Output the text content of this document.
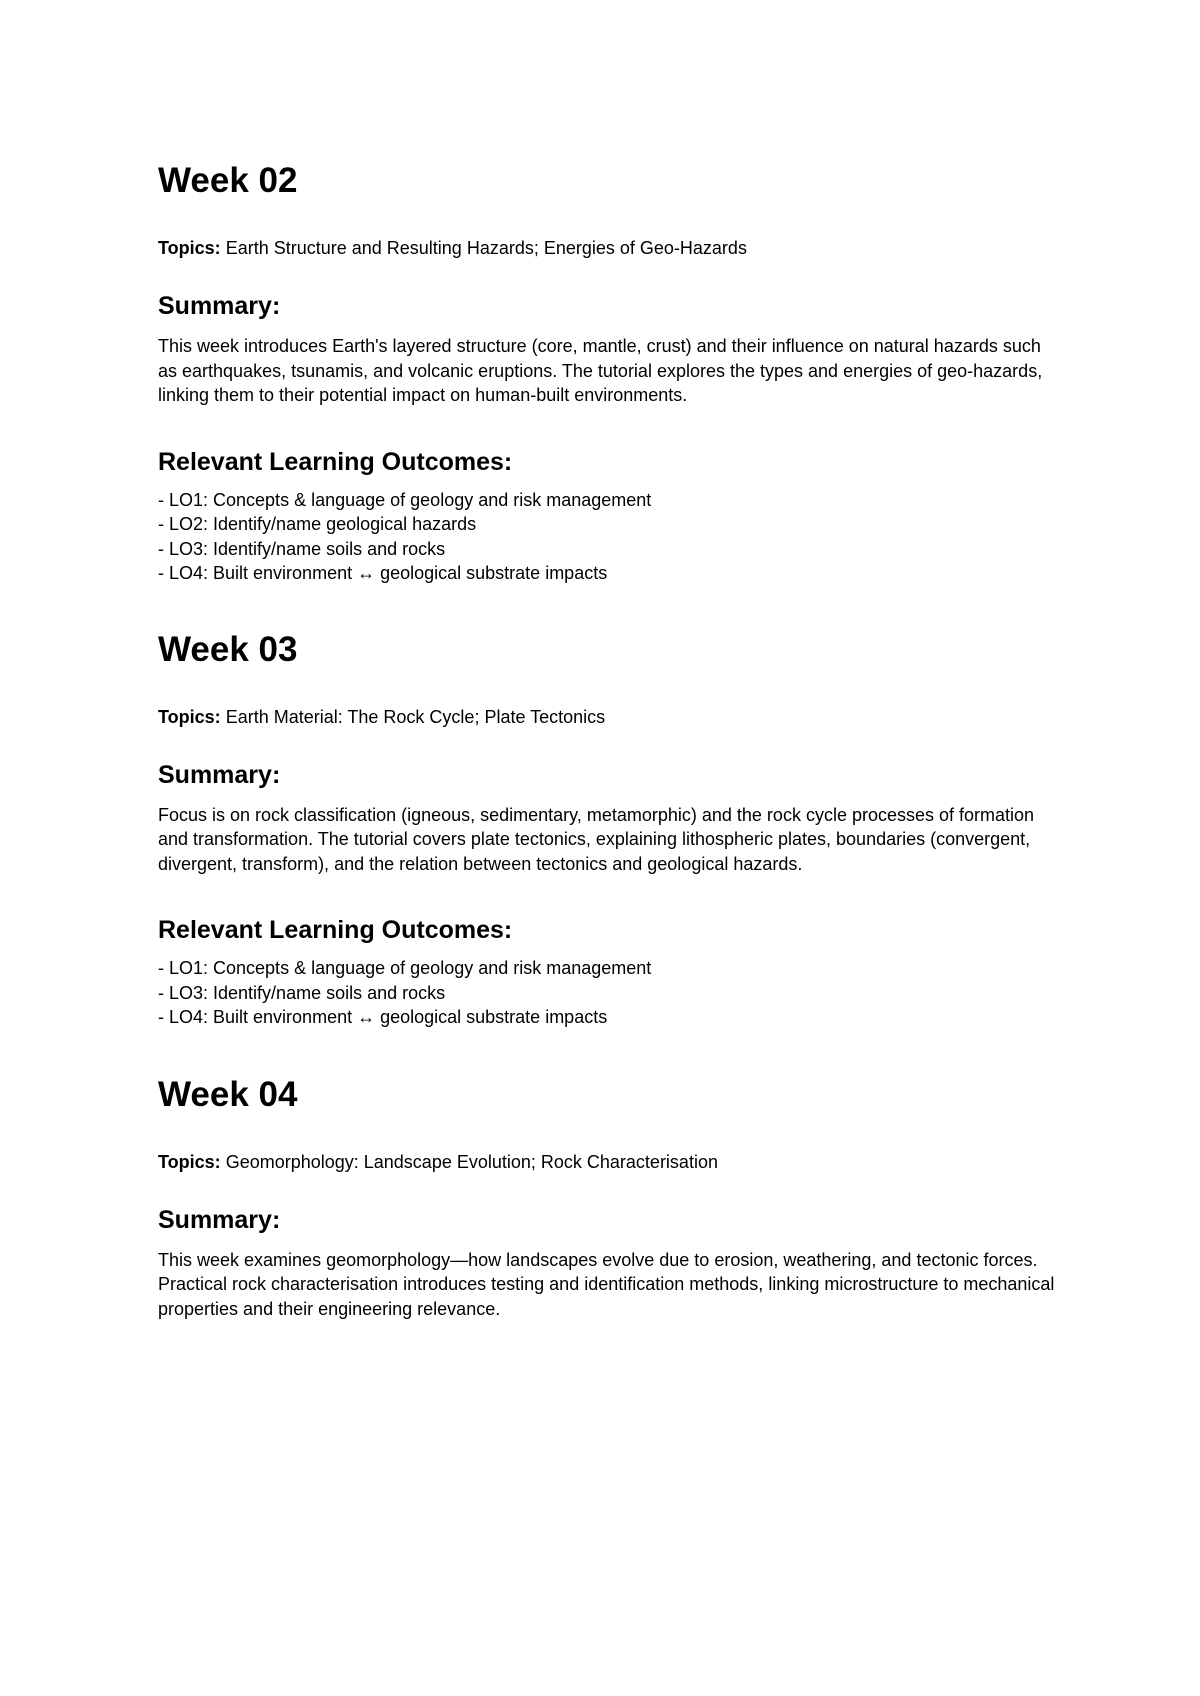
Week 02

Topics: Earth Structure and Resulting Hazards; Energies of Geo-Hazards

Summary:

This week introduces Earth's layered structure (core, mantle, crust) and their influence on natural hazards such as earthquakes, tsunamis, and volcanic eruptions. The tutorial explores the types and energies of geo-hazards, linking them to their potential impact on human-built environments.

Relevant Learning Outcomes:
- LO1: Concepts & language of geology and risk management
- LO2: Identify/name geological hazards
- LO3: Identify/name soils and rocks
- LO4: Built environment ↔ geological substrate impacts
Week 03

Topics: Earth Material: The Rock Cycle; Plate Tectonics

Summary:

Focus is on rock classification (igneous, sedimentary, metamorphic) and the rock cycle processes of formation and transformation. The tutorial covers plate tectonics, explaining lithospheric plates, boundaries (convergent, divergent, transform), and the relation between tectonics and geological hazards.

Relevant Learning Outcomes:
- LO1: Concepts & language of geology and risk management
- LO3: Identify/name soils and rocks
- LO4: Built environment ↔ geological substrate impacts
Week 04

Topics: Geomorphology: Landscape Evolution; Rock Characterisation

Summary:

This week examines geomorphology—how landscapes evolve due to erosion, weathering, and tectonic forces. Practical rock characterisation introduces testing and identification methods, linking microstructure to mechanical properties and their engineering relevance.
